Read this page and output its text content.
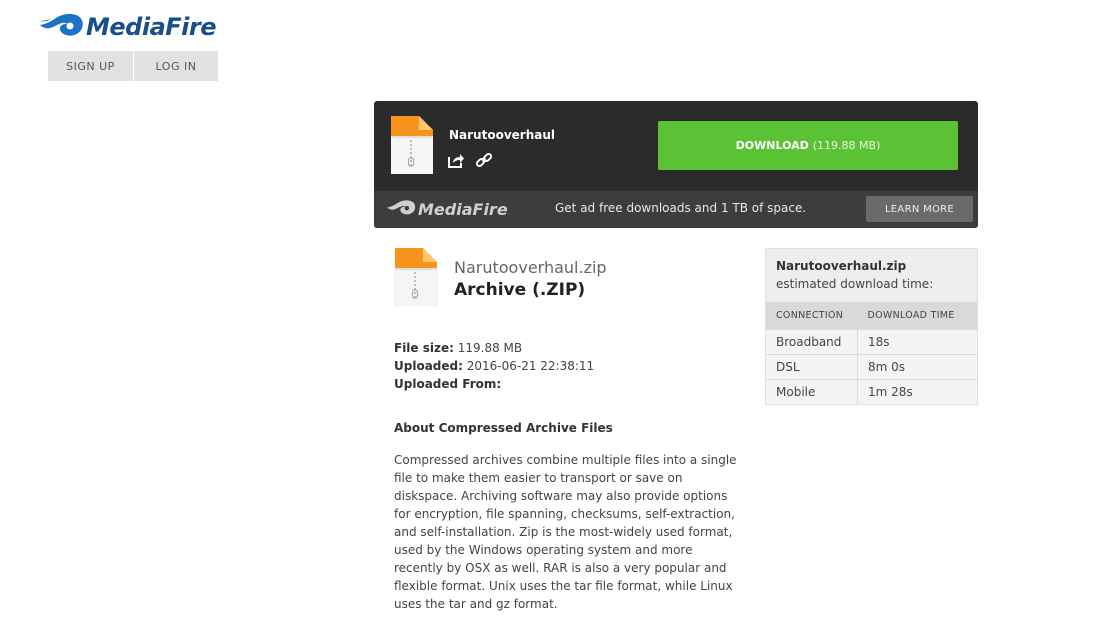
MediaFire
SIGN UP	LOG IN
Narutooverhaul
DOWNLOAD (119.88 MB)
MediaFire	Get ad free downloads and 1 TB of space.	LEARN MORE
Narutooverhaul.zip
Archive (.ZIP)
File size: 119.88 MB
Uploaded: 2016-06-21 22:38:11
Uploaded From:
About Compressed Archive Files
Compressed archives combine multiple files into a single file to make them easier to transport or save on diskspace. Archiving software may also provide options for encryption, file spanning, checksums, self-extraction, and self-installation. Zip is the most-widely used format, used by the Windows operating system and more recently by OSX as well. RAR is also a very popular and flexible format. Unix uses the tar file format, while Linux uses the tar and gz format.
Narutooverhaul.zip
estimated download time:
CONNECTION	DOWNLOAD TIME
Broadband	18s
DSL	8m 0s
Mobile	1m 28s
